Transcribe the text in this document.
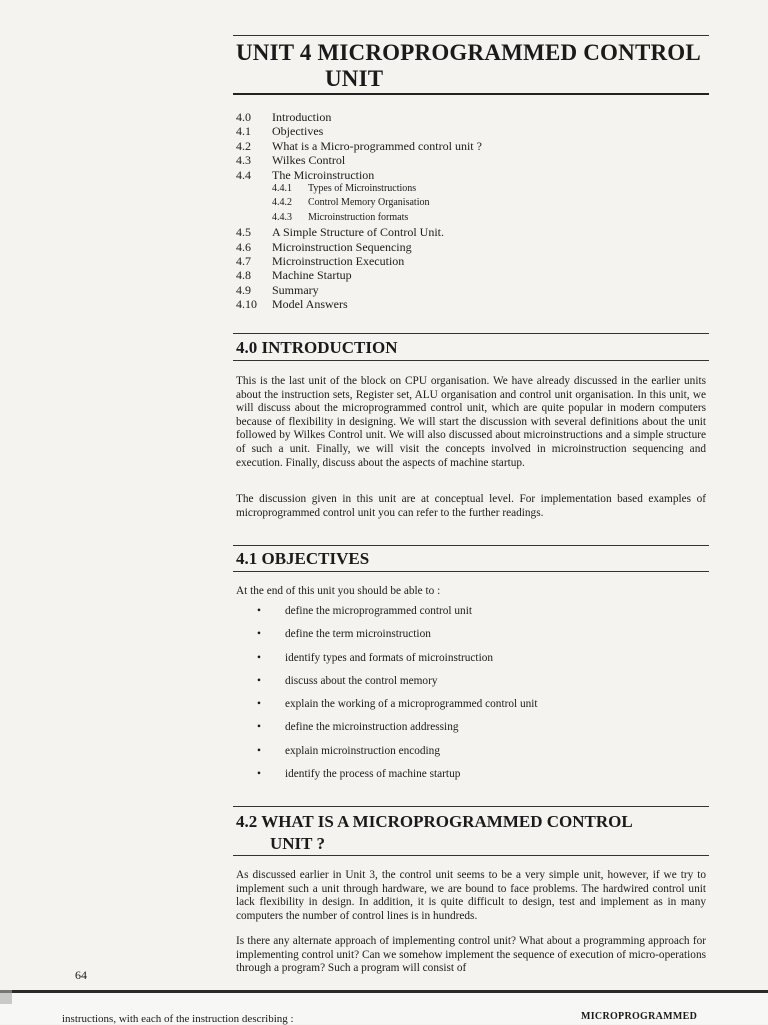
UNIT 4 MICROPROGRAMMED CONTROL
UNIT
4.0	Introduction
4.1	Objectives
4.2	What is a Micro-programmed control unit ?
4.3	Wilkes Control
4.4	The Microinstruction
4.4.1	Types of Microinstructions
4.4.2	Control Memory Organisation
4.4.3	Microinstruction formats
4.5	A Simple Structure of Control Unit.
4.6	Microinstruction Sequencing
4.7	Microinstruction Execution
4.8	Machine Startup
4.9	Summary
4.10	Model Answers
4.0 INTRODUCTION
This is the last unit of the block on CPU organisation. We have already discussed in the earlier units about the instruction sets, Register set, ALU organisation and control unit organisation. In this unit, we will discuss about the microprogrammed control unit, which are quite popular in modern computers because of flexibility in designing. We will start the discussion with several definitions about the unit followed by Wilkes Control unit. We will also discussed about microinstructions and a simple structure of such a unit. Finally, we will visit the concepts involved in microinstruction sequencing and execution. Finally, discuss about the aspects of machine startup.
The discussion given in this unit are at conceptual level. For implementation based examples of microprogrammed control unit you can refer to the further readings.
4.1 OBJECTIVES
At the end of this unit you should be able to :
•	define the microprogrammed control unit
•	define the term microinstruction
•	identify types and formats of microinstruction
•	discuss about the control memory
•	explain the working of a microprogrammed control unit
•	define the microinstruction addressing
•	explain microinstruction encoding
•	identify the process of machine startup
4.2 WHAT IS A MICROPROGRAMMED CONTROL
UNIT ?
As discussed earlier in Unit 3, the control unit seems to be a very simple unit, however, if we try to implement such a unit through hardware, we are bound to face problems. The hardwired control unit lack flexibility in design. In addition, it is quite difficult to design, test and implement as in many computers the number of control lines is in hundreds.
Is there any alternate approach of implementing control unit? What about a programming approach for implementing control unit? Can we somehow implement the sequence of execution of micro-operations through a program? Such a program will consist of
64
instructions, with each of the instruction describing :	MICROPROGRAMMED
